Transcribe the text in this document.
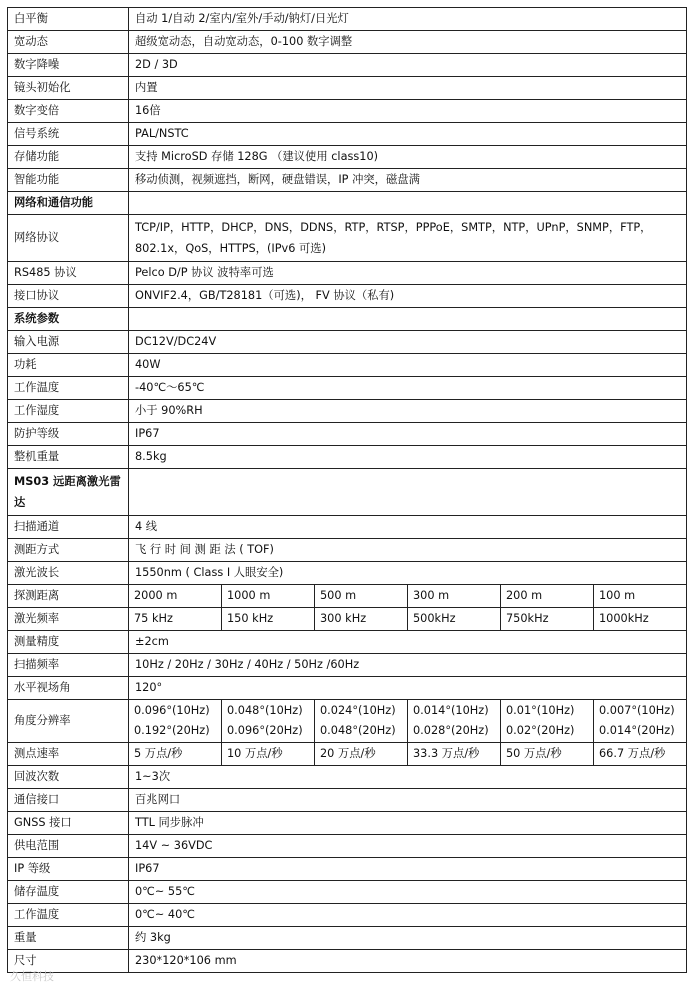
白平衡	自动 1/自动 2/室内/室外/手动/钠灯/日光灯					
宽动态	超级宽动态，自动宽动态，0-100 数字调整					
数字降噪	2D / 3D					
镜头初始化	内置					
数字变倍	16倍					
信号系统	PAL/NSTC					
存储功能	支持 MicroSD 存储 128G （建议使用 class10)					
智能功能	移动侦测，视频遮挡，断网，硬盘错误，IP 冲突，磁盘满					
网络和通信功能						
网络协议	TCP/IP，HTTP，DHCP，DNS，DDNS，RTP，RTSP，PPPoE，SMTP，NTP，UPnP，SNMP，FTP，802.1x，QoS，HTTPS，(IPv6 可选)					
RS485 协议	Pelco D/P 协议 波特率可选					
接口协议	ONVIF2.4，GB/T28181（可选)， FV 协议（私有)					
系统参数						
输入电源	DC12V/DC24V					
功耗	40W					
工作温度	-40℃～65℃					
工作湿度	小于 90%RH					
防护等级	IP67					
整机重量	8.5kg					
MS03 远距离激光雷达						
扫描通道	4 线					
测距方式	飞 行 时 间 测 距 法 ( TOF)					
激光波长	1550nm ( Class Ⅰ 人眼安全)					
探测距离	2000 m	1000 m	500 m	300 m	200 m	100 m
激光频率	75 kHz	150 kHz	300 kHz	500kHz	750kHz	1000kHz
测量精度	±2cm					
扫描频率	10Hz / 20Hz / 30Hz / 40Hz / 50Hz /60Hz					
水平视场角	120°					
角度分辨率	0.096°(10Hz) 0.192°(20Hz)	0.048°(10Hz) 0.096°(20Hz)	0.024°(10Hz) 0.048°(20Hz)	0.014°(10Hz) 0.028°(20Hz)	0.01°(10Hz) 0.02°(20Hz)	0.007°(10Hz) 0.014°(20Hz)
测点速率	5 万点/秒	10 万点/秒	20 万点/秒	33.3 万点/秒	50 万点/秒	66.7 万点/秒
回波次数	1~3次					
通信接口	百兆网口					
GNSS 接口	TTL 同步脉冲					
供电范围	14V ~ 36VDC					
IP 等级	IP67					
储存温度	0℃~ 55℃					
工作温度	0℃~ 40℃					
重量	约 3kg					
尺寸	230*120*106 mm					
久恒科技
